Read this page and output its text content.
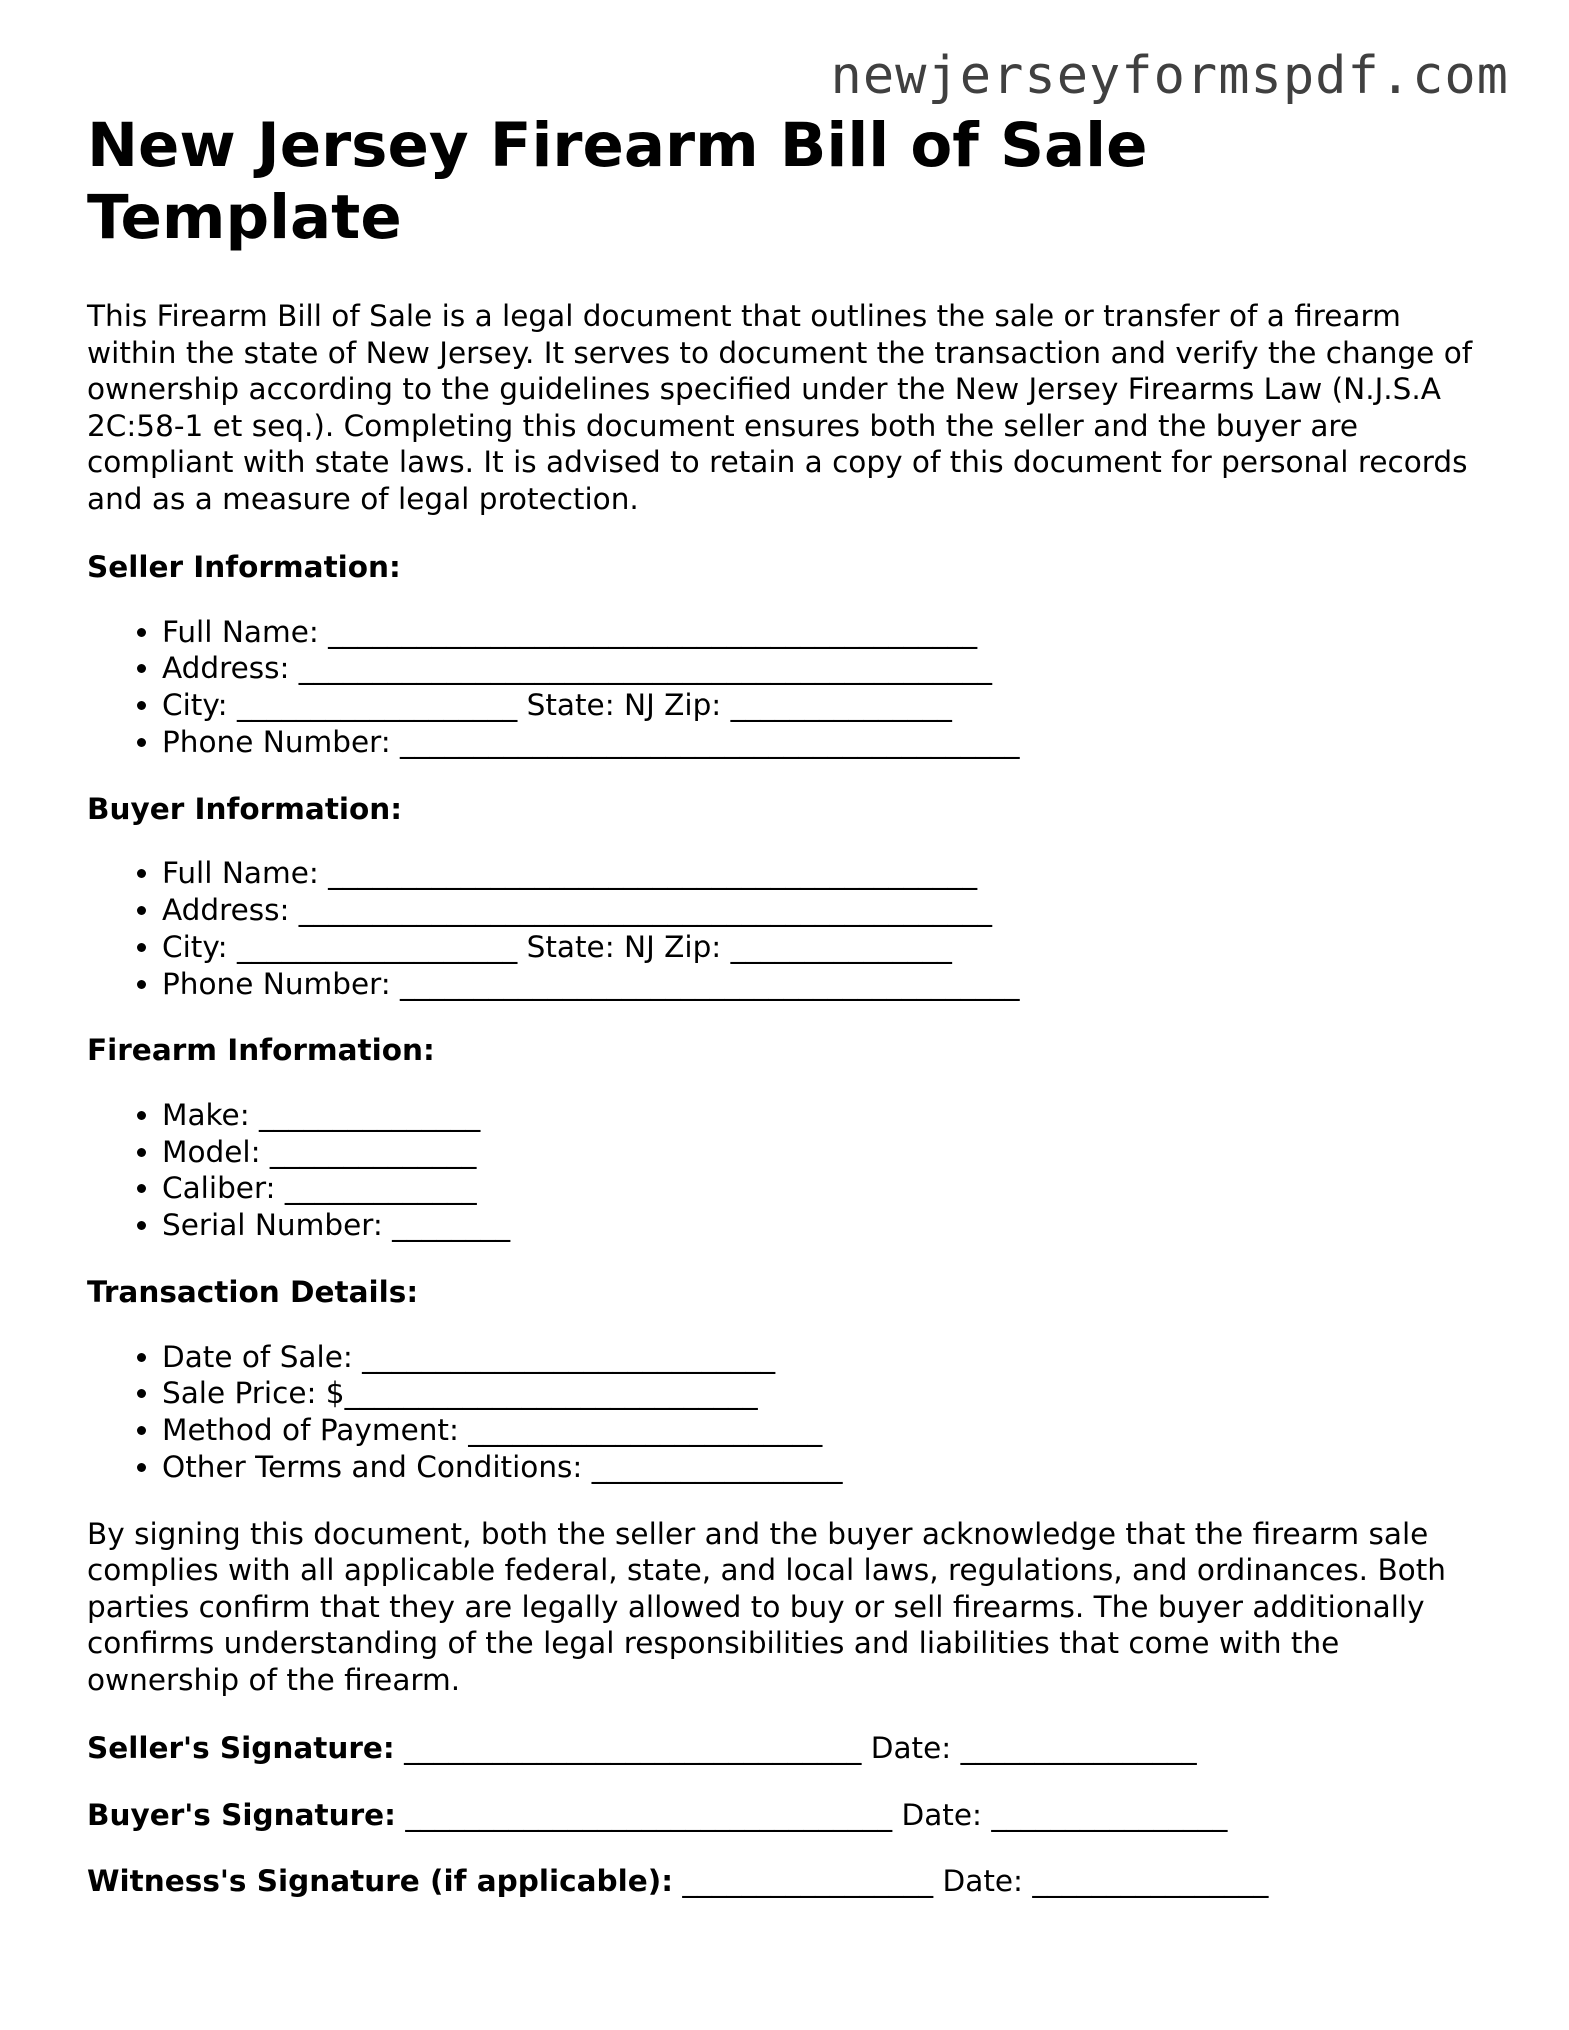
newjerseyformspdf.com
New Jersey Firearm Bill of Sale Template

This Firearm Bill of Sale is a legal document that outlines the sale or transfer of a firearm within the state of New Jersey. It serves to document the transaction and verify the change of ownership according to the guidelines specified under the New Jersey Firearms Law (N.J.S.A 2C:58-1 et seq.). Completing this document ensures both the seller and the buyer are compliant with state laws. It is advised to retain a copy of this document for personal records and as a measure of legal protection.

Seller Information:
• Full Name: ____________________________________________
• Address: _______________________________________________
• City: ___________________ State: NJ Zip: _______________
• Phone Number: __________________________________________
Buyer Information:
• Full Name: ____________________________________________
• Address: _______________________________________________
• City: ___________________ State: NJ Zip: _______________
• Phone Number: __________________________________________
Firearm Information:
• Make: _______________
• Model: ______________
• Caliber: _____________
• Serial Number: ________
Transaction Details:
• Date of Sale: ____________________________
• Sale Price: $____________________________
• Method of Payment: ________________________
• Other Terms and Conditions: _________________

By signing this document, both the seller and the buyer acknowledge that the firearm sale complies with all applicable federal, state, and local laws, regulations, and ordinances. Both parties confirm that they are legally allowed to buy or sell firearms. The buyer additionally confirms understanding of the legal responsibilities and liabilities that come with the ownership of the firearm.

Seller's Signature: _______________________________ Date: ________________
Buyer's Signature: _________________________________ Date: ________________
Witness's Signature (if applicable): _________________ Date: ________________
